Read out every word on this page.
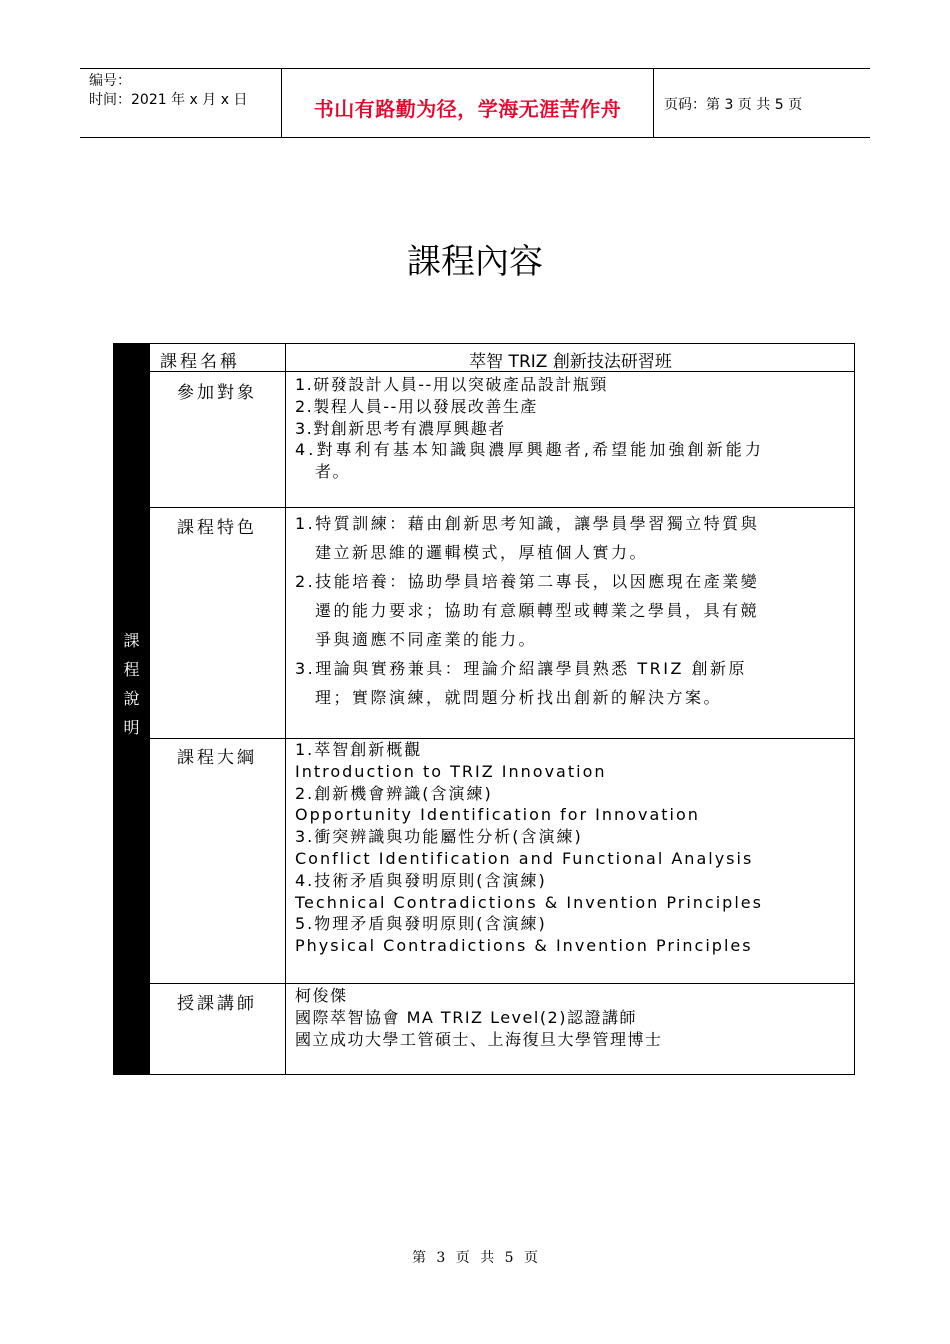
编号：
时间：2021 年 x 月 x 日	书山有路勤为径，学海无涯苦作舟	页码：第 3 页 共 5 页
課程內容
課
程
說
明
課程名稱	萃智 TRIZ 創新技法研習班
參加對象 1.研發設計人員--用以突破產品設計瓶頸
2.製程人員--用以發展改善生產
3.對創新思考有濃厚興趣者
4.對專利有基本知識與濃厚興趣者,希望能加強創新能力
者。
課程特色 1.特質訓練：藉由創新思考知識，讓學員學習獨立特質與
建立新思維的邏輯模式，厚植個人實力。
2.技能培養：協助學員培養第二專長，以因應現在產業變
遷的能力要求；協助有意願轉型或轉業之學員，具有競
爭與適應不同產業的能力。
3.理論與實務兼具：理論介紹讓學員熟悉 TRIZ 創新原
理；實際演練，就問題分析找出創新的解決方案。
課程大綱 1.萃智創新概觀
Introduction to TRIZ Innovation
2.創新機會辨識(含演練)
Opportunity Identification for Innovation
3.衝突辨識與功能屬性分析(含演練)
Conflict Identification and Functional Analysis
4.技術矛盾與發明原則(含演練)
Technical Contradictions & Invention Principles
5.物理矛盾與發明原則(含演練)
Physical Contradictions & Invention Principles
授課講師 柯俊傑
國際萃智協會 MA TRIZ Level(2)認證講師
國立成功大學工管碩士、上海復旦大學管理博士
第 3 页 共 5 页
